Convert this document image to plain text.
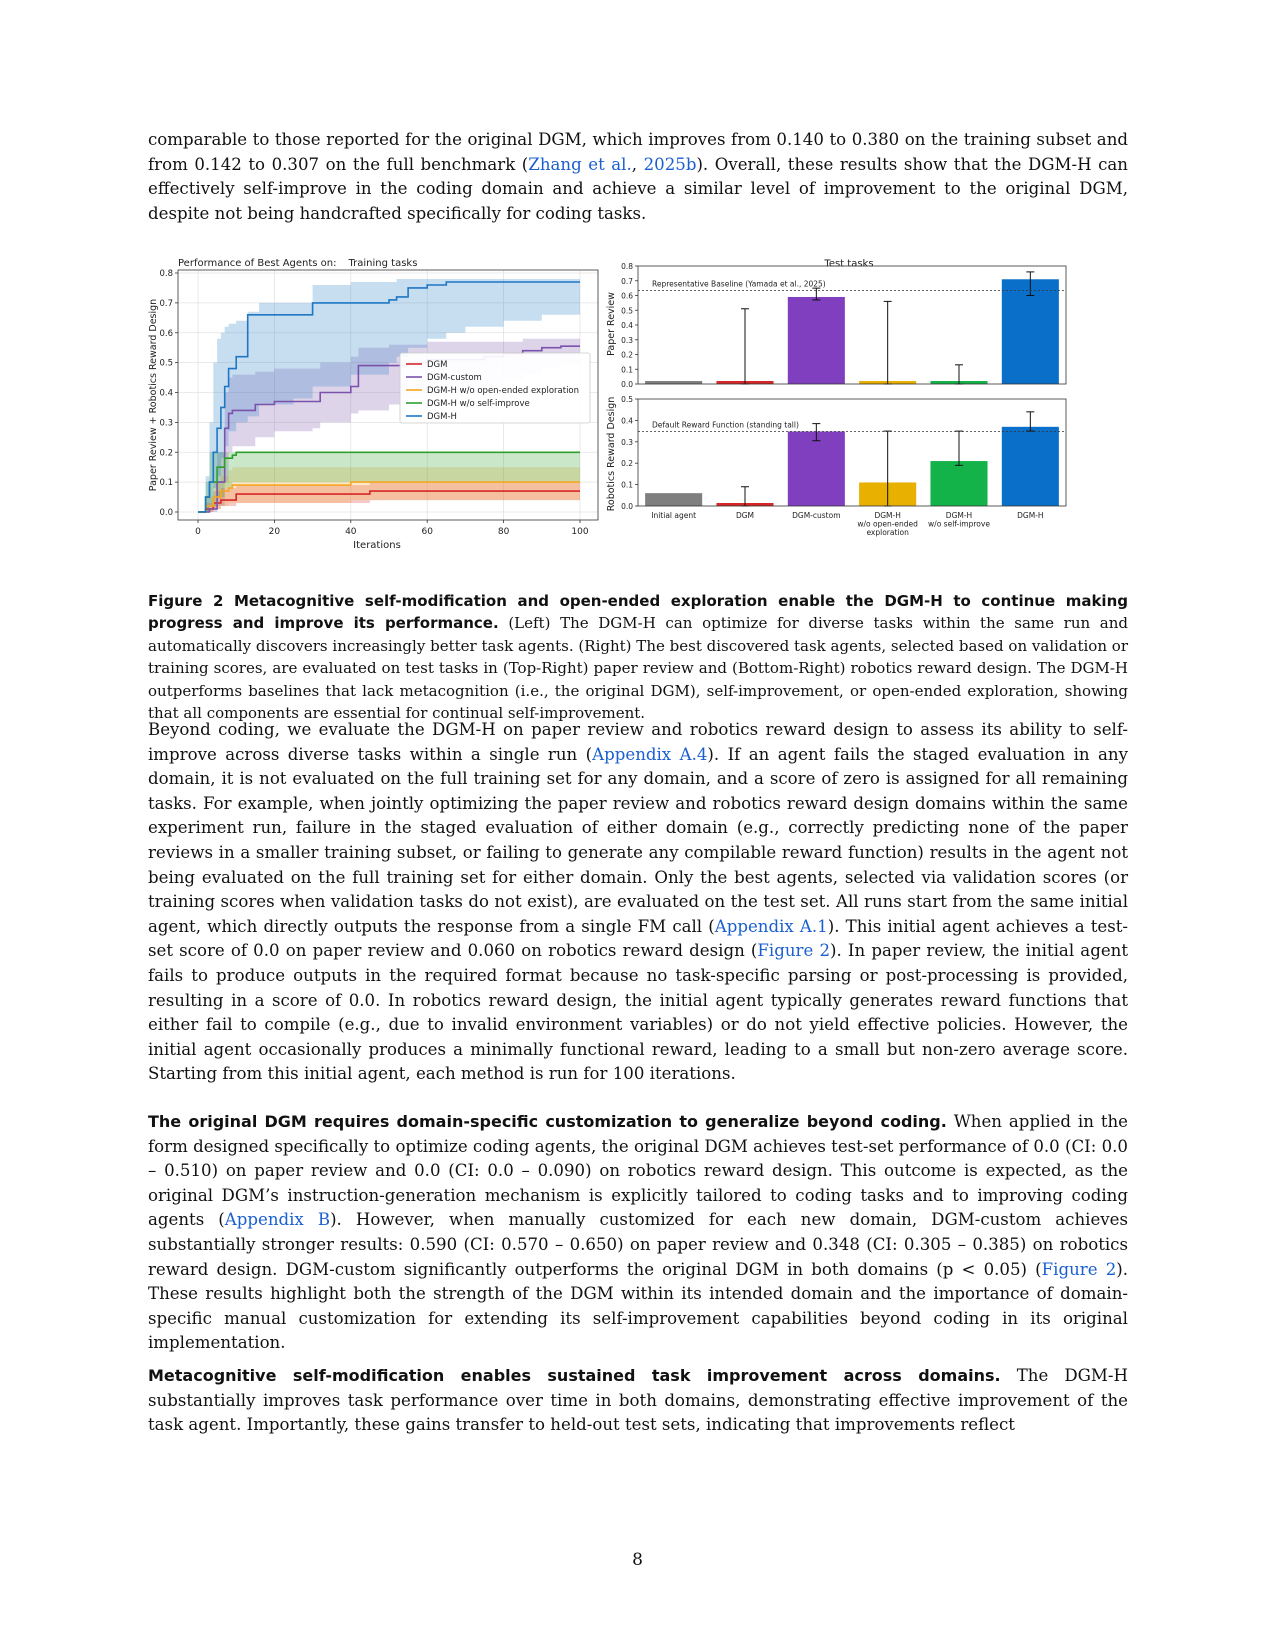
comparable to those reported for the original DGM, which improves from 0.140 to 0.380 on the training subset and from 0.142 to 0.307 on the full benchmark (Zhang et al., 2025b). Overall, these results show that the DGM-H can effectively self-improve in the coding domain and achieve a similar level of improvement to the original DGM, despite not being handcrafted specifically for coding tasks.

Performance of Best Agents on: Training tasks
0.0
0.1
0.2
0.3
0.4
0.5
0.6
0.7
0.8
0	20	40	60	80	100
Iterations
Paper Review + Robotics Reward Design	DGM
DGM-custom
DGM-H w/o open-ended exploration
DGM-H w/o self-improve
DGM-H
Test tasks
0.0
0.1
0.2
0.3
0.4
0.5
0.6
0.7
0.8
Representative Baseline (Yamada et al., 2025)
0.0
0.1
0.2
0.3
0.4
0.5
Default Reward Function (standing tall)
Initial agent	DGM	DGM-custom	DGM-H
w/o open-ended
exploration
DGM-H
w/o self-improve
DGM-H
Paper Review
Robotics Reward Design

Figure 2 Metacognitive self-modification and open-ended exploration enable the DGM-H to continue making progress and improve its performance. (Left) The DGM-H can optimize for diverse tasks within the same run and automatically discovers increasingly better task agents. (Right) The best discovered task agents, selected based on validation or training scores, are evaluated on test tasks in (Top-Right) paper review and (Bottom-Right) robotics reward design. The DGM-H outperforms baselines that lack metacognition (i.e., the original DGM), self-improvement, or open-ended exploration, showing that all components are essential for continual self-improvement.

Beyond coding, we evaluate the DGM-H on paper review and robotics reward design to assess its ability to self-improve across diverse tasks within a single run (Appendix A.4). If an agent fails the staged evaluation in any domain, it is not evaluated on the full training set for any domain, and a score of zero is assigned for all remaining tasks. For example, when jointly optimizing the paper review and robotics reward design domains within the same experiment run, failure in the staged evaluation of either domain (e.g., correctly predicting none of the paper reviews in a smaller training subset, or failing to generate any compilable reward function) results in the agent not being evaluated on the full training set for either domain. Only the best agents, selected via validation scores (or training scores when validation tasks do not exist), are evaluated on the test set. All runs start from the same initial agent, which directly outputs the response from a single FM call (Appendix A.1). This initial agent achieves a test-set score of 0.0 on paper review and 0.060 on robotics reward design (Figure 2). In paper review, the initial agent fails to produce outputs in the required format because no task-specific parsing or post-processing is provided, resulting in a score of 0.0. In robotics reward design, the initial agent typically generates reward functions that either fail to compile (e.g., due to invalid environment variables) or do not yield effective policies. However, the initial agent occasionally produces a minimally functional reward, leading to a small but non-zero average score. Starting from this initial agent, each method is run for 100 iterations.

The original DGM requires domain-specific customization to generalize beyond coding. When applied in the form designed specifically to optimize coding agents, the original DGM achieves test-set performance of 0.0 (CI: 0.0 – 0.510) on paper review and 0.0 (CI: 0.0 – 0.090) on robotics reward design. This outcome is expected, as the original DGM’s instruction-generation mechanism is explicitly tailored to coding tasks and to improving coding agents (Appendix B). However, when manually customized for each new domain, DGM-custom achieves substantially stronger results: 0.590 (CI: 0.570 – 0.650) on paper review and 0.348 (CI: 0.305 – 0.385) on robotics reward design. DGM-custom significantly outperforms the original DGM in both domains (p < 0.05) (Figure 2). These results highlight both the strength of the DGM within its intended domain and the importance of domain-specific manual customization for extending its self-improvement capabilities beyond coding in its original implementation.

Metacognitive self-modification enables sustained task improvement across domains. The DGM-H substantially improves task performance over time in both domains, demonstrating effective improvement of the task agent. Importantly, these gains transfer to held-out test sets, indicating that improvements reflect

8
